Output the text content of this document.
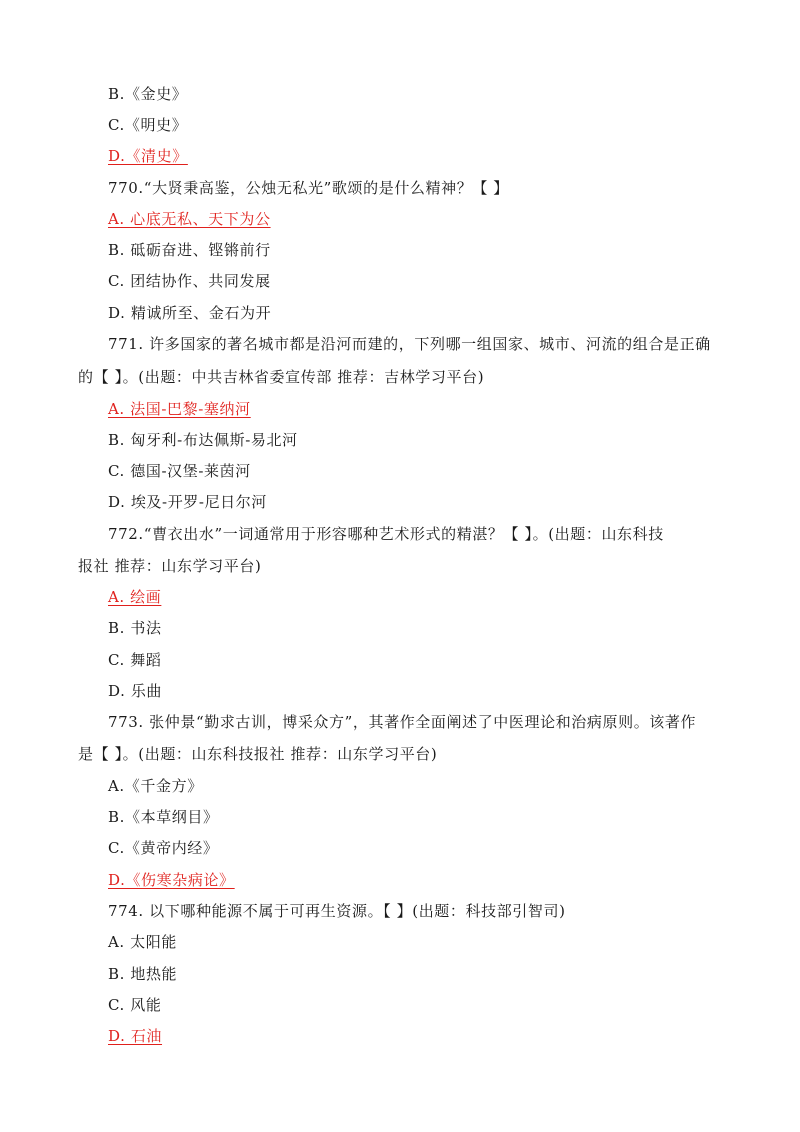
B.《金史》

C.《明史》

D.《清史》

770.“大贤秉高鉴，公烛无私光”歌颂的是什么精神？【 】

A. 心底无私、天下为公

B. 砥砺奋进、铿锵前行

C. 团结协作、共同发展

D. 精诚所至、金石为开

771. 许多国家的著名城市都是沿河而建的，下列哪一组国家、城市、河流的组合是正确

的【 】。(出题：中共吉林省委宣传部 推荐：吉林学习平台)

A. 法国-巴黎-塞纳河

B. 匈牙利-布达佩斯-易北河

C. 德国-汉堡-莱茵河

D. 埃及-开罗-尼日尔河

772.“曹衣出水”一词通常用于形容哪种艺术形式的精湛？【 】。(出题：山东科技

报社 推荐：山东学习平台)

A. 绘画

B. 书法

C. 舞蹈

D. 乐曲

773. 张仲景“勤求古训，博采众方”，其著作全面阐述了中医理论和治病原则。该著作

是【 】。(出题：山东科技报社 推荐：山东学习平台)

A.《千金方》

B.《本草纲目》

C.《黄帝内经》

D.《伤寒杂病论》

774. 以下哪种能源不属于可再生资源。【 】(出题：科技部引智司)

A. 太阳能

B. 地热能

C. 风能

D. 石油
